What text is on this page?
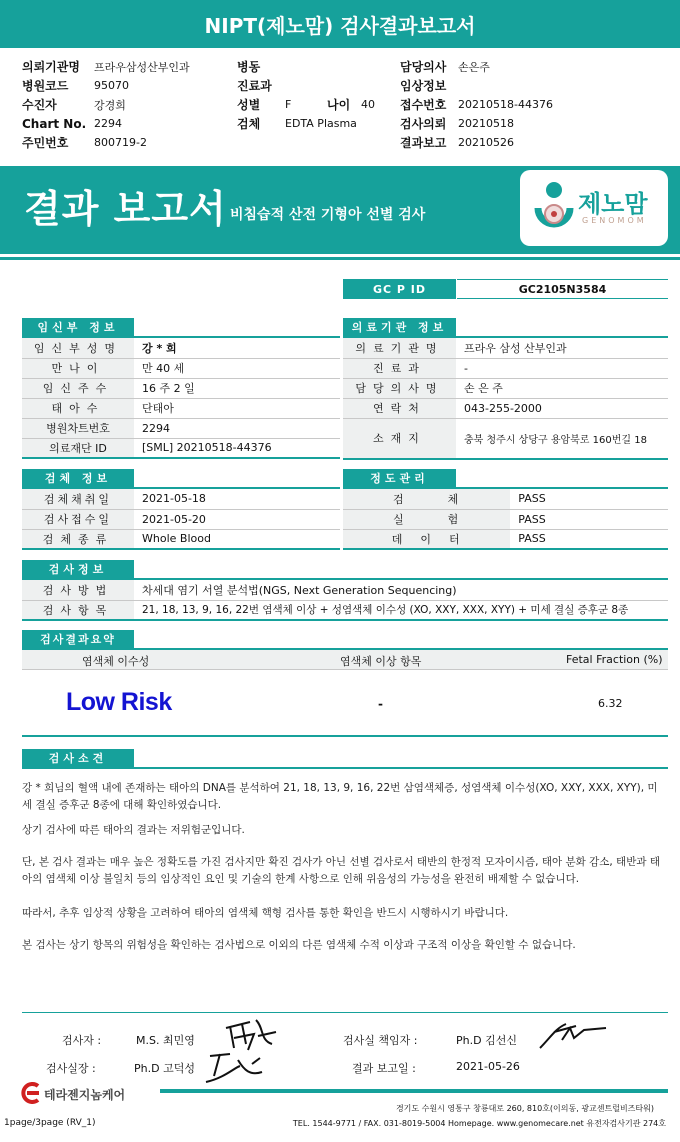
NIPT(제노맘) 검사결과보고서
의뢰기관명	프라우삼성산부인과
병원코드	95070
수진자	강경희
Chart No. 2294
주민번호	800719-2
병동
진료과
성별	F	나이 40
검체	EDTA Plasma
담당의사	손은주
임상정보
접수번호	20210518-44376
검사의뢰	20210518
결과보고	20210526
결과 보고서 비침습적 산전 기형아 선별 검사	제노맘
GENOMOM
GC P ID	GC2105N3584
임신부 정보
임신부성명	강 * 희
만나이	만 40 세
임신주수	16 주 2 일
태아수	단태아
병원차트번호	2294
의료재단 ID	[SML] 20210518-44376
의료기관 정보
의료기관명	프라우 삼성 산부인과
진료과	-
담당의사명	손 은 주
연락처	043-255-2000
소재지	충북 청주시 상당구 용암북로 160번길 18
검체 정보
검체채취일	2021-05-18
검사접수일	2021-05-20
검체종류	Whole Blood
정도관리
검체	PASS
실험	PASS
데이터	PASS
검사정보
검사방법	차세대 염기 서열 분석법(NGS, Next Generation Sequencing)
검사항목	21, 18, 13, 9, 16, 22번 염색체 이상 + 성염색체 이수성 (XO, XXY, XXX, XYY) + 미세 결실 증후군 8종
검사결과요약
염색체 이수성	염색체 이상 항목	Fetal Fraction (%)
Low Risk	-	6.32
검사소견
강 * 희님의 혈액 내에 존재하는 태아의 DNA를 분석하여 21, 18, 13, 9, 16, 22번 삼염색체증, 성염색체 이수성(XO, XXY, XXX, XYY), 미세 결실 증후군 8종에 대해 확인하였습니다.
상기 검사에 따른 태아의 결과는 저위험군입니다.
단, 본 검사 결과는 매우 높은 정확도를 가진 검사지만 확진 검사가 아닌 선별 검사로서 태반의 한정적 모자이시즘, 태아 분화 감소, 태반과 태아의 염색체 이상 불일치 등의 임상적인 요인 및 기술의 한계 사항으로 인해 위음성의 가능성을 완전히 배제할 수 없습니다.
따라서, 추후 임상적 상황을 고려하여 태아의 염색체 핵형 검사를 통한 확인을 반드시 시행하시기 바랍니다.
본 검사는 상기 항목의 위험성을 확인하는 검사법으로 이외의 다른 염색체 수적 이상과 구조적 이상을 확인할 수 없습니다.
검사자 :	M.S. 최민영	검사실 책임자 :	Ph.D 김선신
검사실장 :	Ph.D 고덕성	결과 보고일 :	2021-05-26
테라젠지놈케어
1page/3page (RV_1)
경기도 수원시 영통구 창룡대로 260, 810호(이의동, 광교센트럴비즈타워)
TEL. 1544-9771 / FAX. 031-8019-5004 Homepage. www.genomecare.net 유전자검사기관 274호
